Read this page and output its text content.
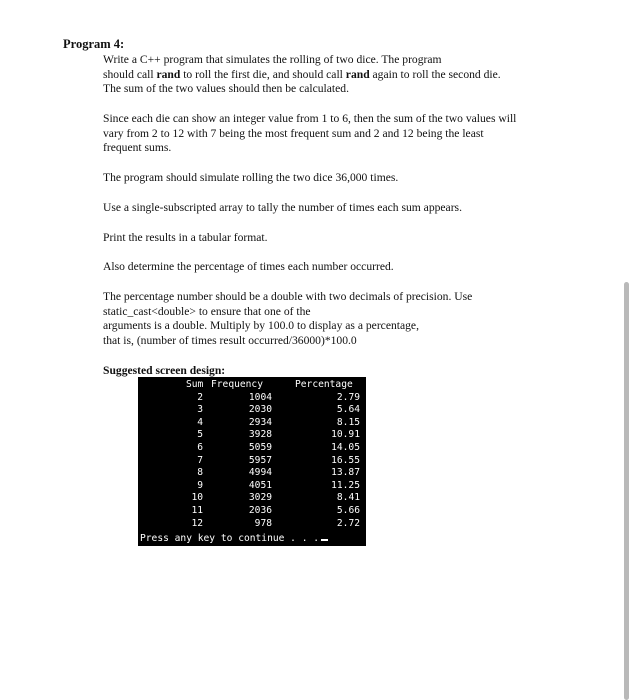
Program 4:
Write a C++ program that simulates the rolling of two dice. The program
should call rand to roll the first die, and should call rand again to roll the second die.
The sum of the two values should then be calculated.
Since each die can show an integer value from 1 to 6, then the sum of the two values will
vary from 2 to 12 with 7 being the most frequent sum and 2 and 12 being the least
frequent sums.
The program should simulate rolling the two dice 36,000 times.
Use a single-subscripted array to tally the number of times each sum appears.
Print the results in a tabular format.
Also determine the percentage of times each number occurred.
The percentage number should be a double with two decimals of precision. Use
static_cast<double> to ensure that one of the
arguments is a double. Multiply by 100.0 to display as a percentage,
that is, (number of times result occurred/36000)*100.0
Suggested screen design:
Sum Frequency	Percentage
2	1004	2.79
3	2030	5.64
4	2934	8.15
5	3928	10.91
6	5059	14.05
7	5957	16.55
8	4994	13.87
9	4051	11.25
10	3029	8.41
11	2036	5.66
12	978	2.72
Press any key to continue . . .
